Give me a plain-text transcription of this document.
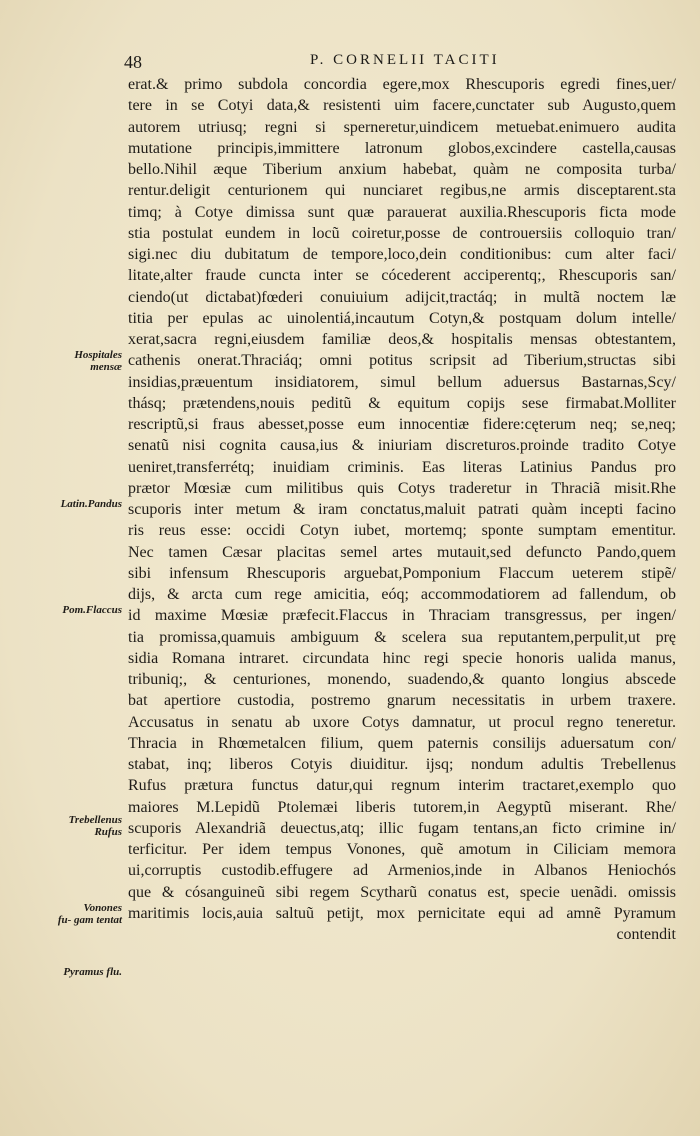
48	P. CORNELII TACITI
Hospitales
mensæ
Latin.Pandus
Pom.Flaccus
Trebellenus
Rufus
Vonones
fu- gam tentat
Pyramus flu.
erat.& primo subdola concordia egere,mox Rhescuporis egredi fines,uer/
tere in se Cotyi data,& resistenti uim facere,cunctater sub Augusto,quem
autorem utriusq; regni si sperneretur,uindicem metuebat.enimuero audita
mutatione principis,immittere latronum globos,excindere castella,causas
bello.Nihil æque Tiberium anxium habebat, quàm ne composita turba/
rentur.deligit centurionem qui nunciaret regibus,ne armis disceptarent.sta
timq; à Cotye dimissa sunt quæ parauerat auxilia.Rhescuporis ficta mode
stia postulat eundem in locũ coiretur,posse de controuersiis colloquio tran/
sigi.nec diu dubitatum de tempore,loco,dein conditionibus: cum alter faci/
litate,alter fraude cuncta inter se cócederent acciperentq;, Rhescuporis san/
ciendo(ut dictabat)fœderi conuiuium adijcit,tractáq; in multã noctem læ
titia per epulas ac uinolentiá,incautum Cotyn,& postquam dolum intelle/
xerat,sacra regni,eiusdem familiæ deos,& hospitalis mensas obtestantem,
cathenis onerat.Thraciáq; omni potitus scripsit ad Tiberium,structas sibi
insidias,præuentum insidiatorem, simul bellum aduersus Bastarnas,Scy/
thásq; prætendens,nouis peditũ & equitum copijs sese firmabat.Molliter
rescriptũ,si fraus abesset,posse eum innocentiæ fidere:cęterum neq; se,neq;
senatũ nisi cognita causa,ius & iniuriam discreturos.proinde tradito Cotye
ueniret,transferrétq; inuidiam criminis. Eas literas Latinius Pandus pro
prætor Mœsiæ cum militibus quis Cotys traderetur in Thraciã misit.Rhe
scuporis inter metum & iram conctatus,maluit patrati quàm incepti facino
ris reus esse: occidi Cotyn iubet, mortemq; sponte sumptam ementitur.
Nec tamen Cæsar placitas semel artes mutauit,sed defuncto Pando,quem
sibi infensum Rhescuporis arguebat,Pomponium Flaccum ueterem stipẽ/
dijs, & arcta cum rege amicitia, eóq; accommodatiorem ad fallendum, ob
id maxime Mœsiæ præfecit.Flaccus in Thraciam transgressus, per ingen/
tia promissa,quamuis ambiguum & scelera sua reputantem,perpulit,ut prę
sidia Romana intraret. circundata hinc regi specie honoris ualida manus,
tribuniq;, & centuriones, monendo, suadendo,& quanto longius abscede
bat apertiore custodia, postremo gnarum necessitatis in urbem traxere.
Accusatus in senatu ab uxore Cotys damnatur, ut procul regno teneretur.
Thracia in Rhœmetalcen filium, quem paternis consilijs aduersatum con/
stabat, inq; liberos Cotyis diuiditur. ijsq; nondum adultis Trebellenus
Rufus prætura functus datur,qui regnum interim tractaret,exemplo quo
maiores M.Lepidũ Ptolemæi liberis tutorem,in Aegyptũ miserant. Rhe/
scuporis Alexandriã deuectus,atq; illic fugam tentans,an ficto crimine in/
terficitur. Per idem tempus Vonones, quẽ amotum in Ciliciam memora
ui,corruptis custodib.effugere ad Armenios,inde in Albanos Heniochós
que & cósanguineũ sibi regem Scytharũ conatus est, specie uenãdi. omissis
maritimis locis,auia saltuũ petijt, mox pernicitate equi ad amnẽ Pyramum
contendit
